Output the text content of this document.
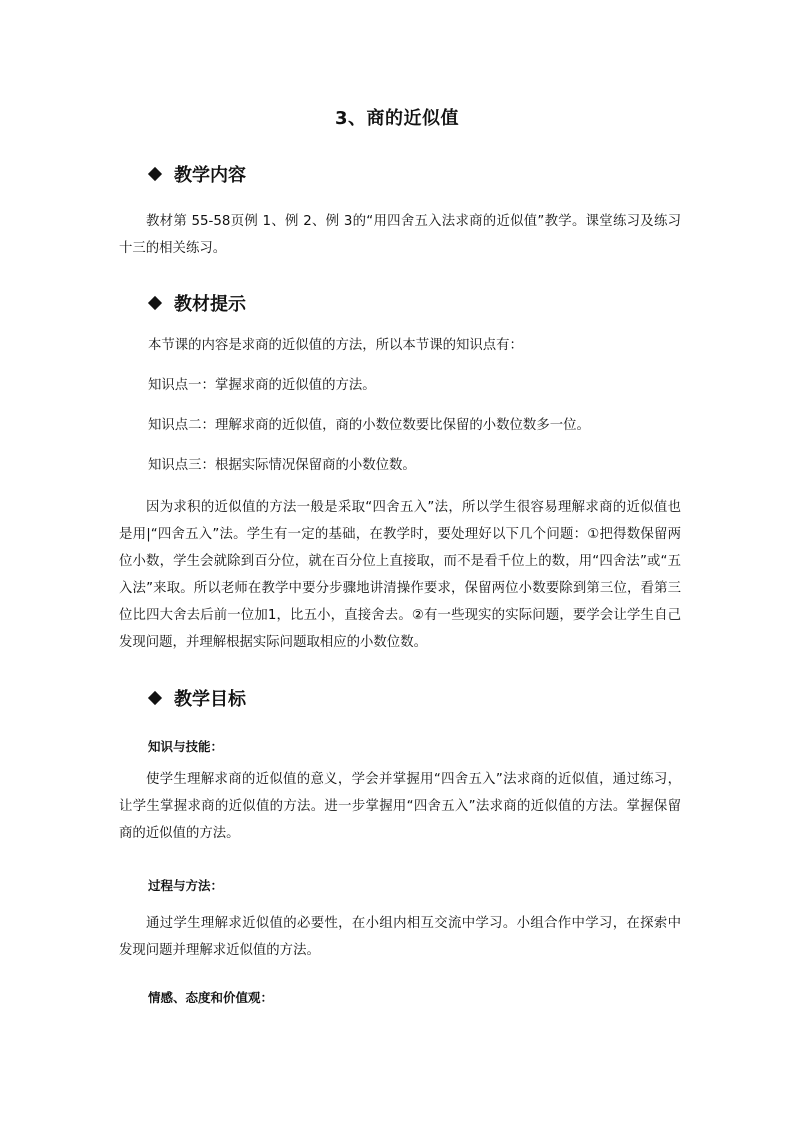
3、商的近似值
教学内容
教材第 55-58页例 1、例 2、例 3的“用四舍五入法求商的近似值”教学。课堂练习及练习十三的相关练习。
教材提示
本节课的内容是求商的近似值的方法，所以本节课的知识点有：
知识点一：掌握求商的近似值的方法。
知识点二：理解求商的近似值，商的小数位数要比保留的小数位数多一位。
知识点三：根据实际情况保留商的小数位数。
因为求积的近似值的方法一般是采取“四舍五入”法，所以学生很容易理解求商的近似值也是用|“四舍五入”法。学生有一定的基础，在教学时，要处理好以下几个问题：①把得数保留两位小数，学生会就除到百分位，就在百分位上直接取，而不是看千位上的数，用“四舍法”或“五入法”来取。所以老师在教学中要分步骤地讲清操作要求，保留两位小数要除到第三位，看第三位比四大舍去后前一位加1，比五小，直接舍去。②有一些现实的实际问题，要学会让学生自己发现问题，并理解根据实际问题取相应的小数位数。
教学目标
知识与技能：
使学生理解求商的近似值的意义，学会并掌握用“四舍五入”法求商的近似值，通过练习，让学生掌握求商的近似值的方法。进一步掌握用“四舍五入”法求商的近似值的方法。掌握保留商的近似值的方法。
过程与方法：
通过学生理解求近似值的必要性，在小组内相互交流中学习。小组合作中学习，在探索中发现问题并理解求近似值的方法。
情感、态度和价值观：
